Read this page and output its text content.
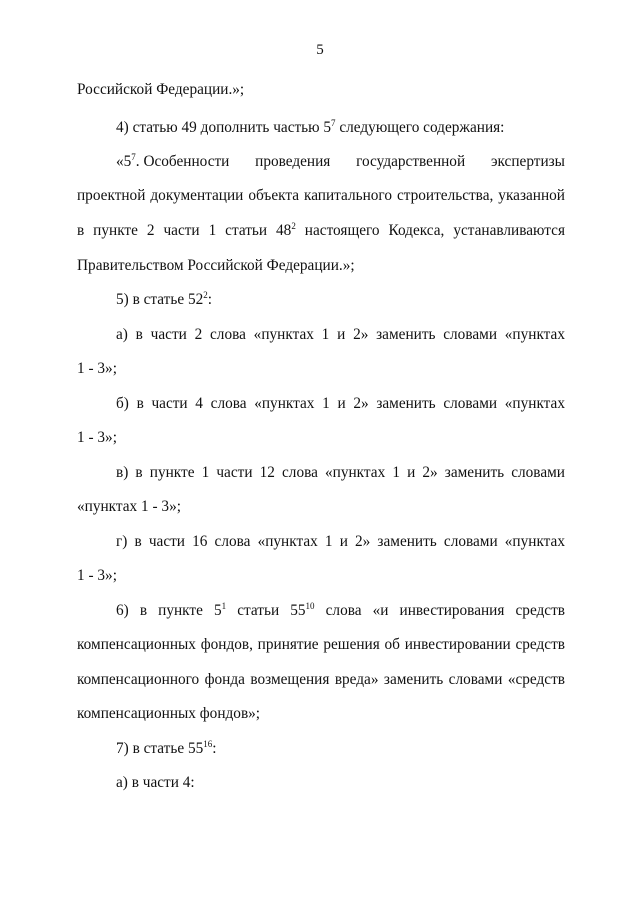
5
Российской Федерации.»;
4) статью 49 дополнить частью $5^7$ следующего содержания:
«$5^7$. Особенности проведения государственной экспертизы
проектной документации объекта капитального строительства, указанной
в пункте 2 части 1 статьи $48^2$ настоящего Кодекса, устанавливаются
Правительством Российской Федерации.»;
5) в статье $52^2$:
а) в части 2 слова «пунктах 1 и 2» заменить словами «пунктах
1 - 3»;
б) в части 4 слова «пунктах 1 и 2» заменить словами «пунктах
1 - 3»;
в) в пункте 1 части 12 слова «пунктах 1 и 2» заменить словами
«пунктах 1 - 3»;
г) в части 16 слова «пунктах 1 и 2» заменить словами «пунктах
1 - 3»;
6) в пункте $5^1$ статьи $55^{10}$ слова «и инвестирования средств
компенсационных фондов, принятие решения об инвестировании средств
компенсационного фонда возмещения вреда» заменить словами «средств
компенсационных фондов»;
7) в статье $55^{16}$:
а) в части 4:
